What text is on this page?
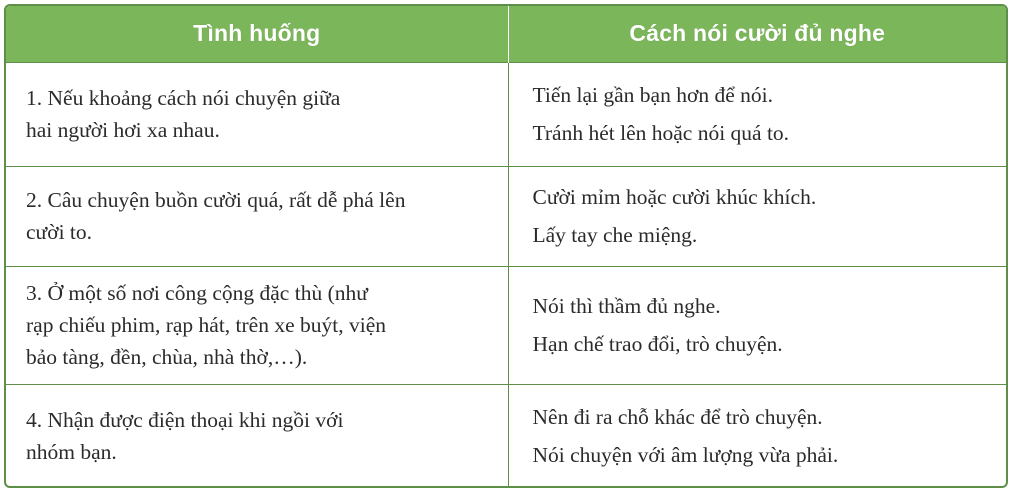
Tình huống	Cách nói cười đủ nghe

1. Nếu khoảng cách nói chuyện giữa
hai người hơi xa nhau.	Tiến lại gần bạn hơn để nói.
Tránh hét lên hoặc nói quá to.

2. Câu chuyện buồn cười quá, rất dễ phá lên
cười to.	Cười mỉm hoặc cười khúc khích.
Lấy tay che miệng.

3. Ở một số nơi công cộng đặc thù (như
rạp chiếu phim, rạp hát, trên xe buýt, viện
bảo tàng, đền, chùa, nhà thờ,…).	Nói thì thầm đủ nghe.
Hạn chế trao đổi, trò chuyện.

4. Nhận được điện thoại khi ngồi với
nhóm bạn.	Nên đi ra chỗ khác để trò chuyện.
Nói chuyện với âm lượng vừa phải.
